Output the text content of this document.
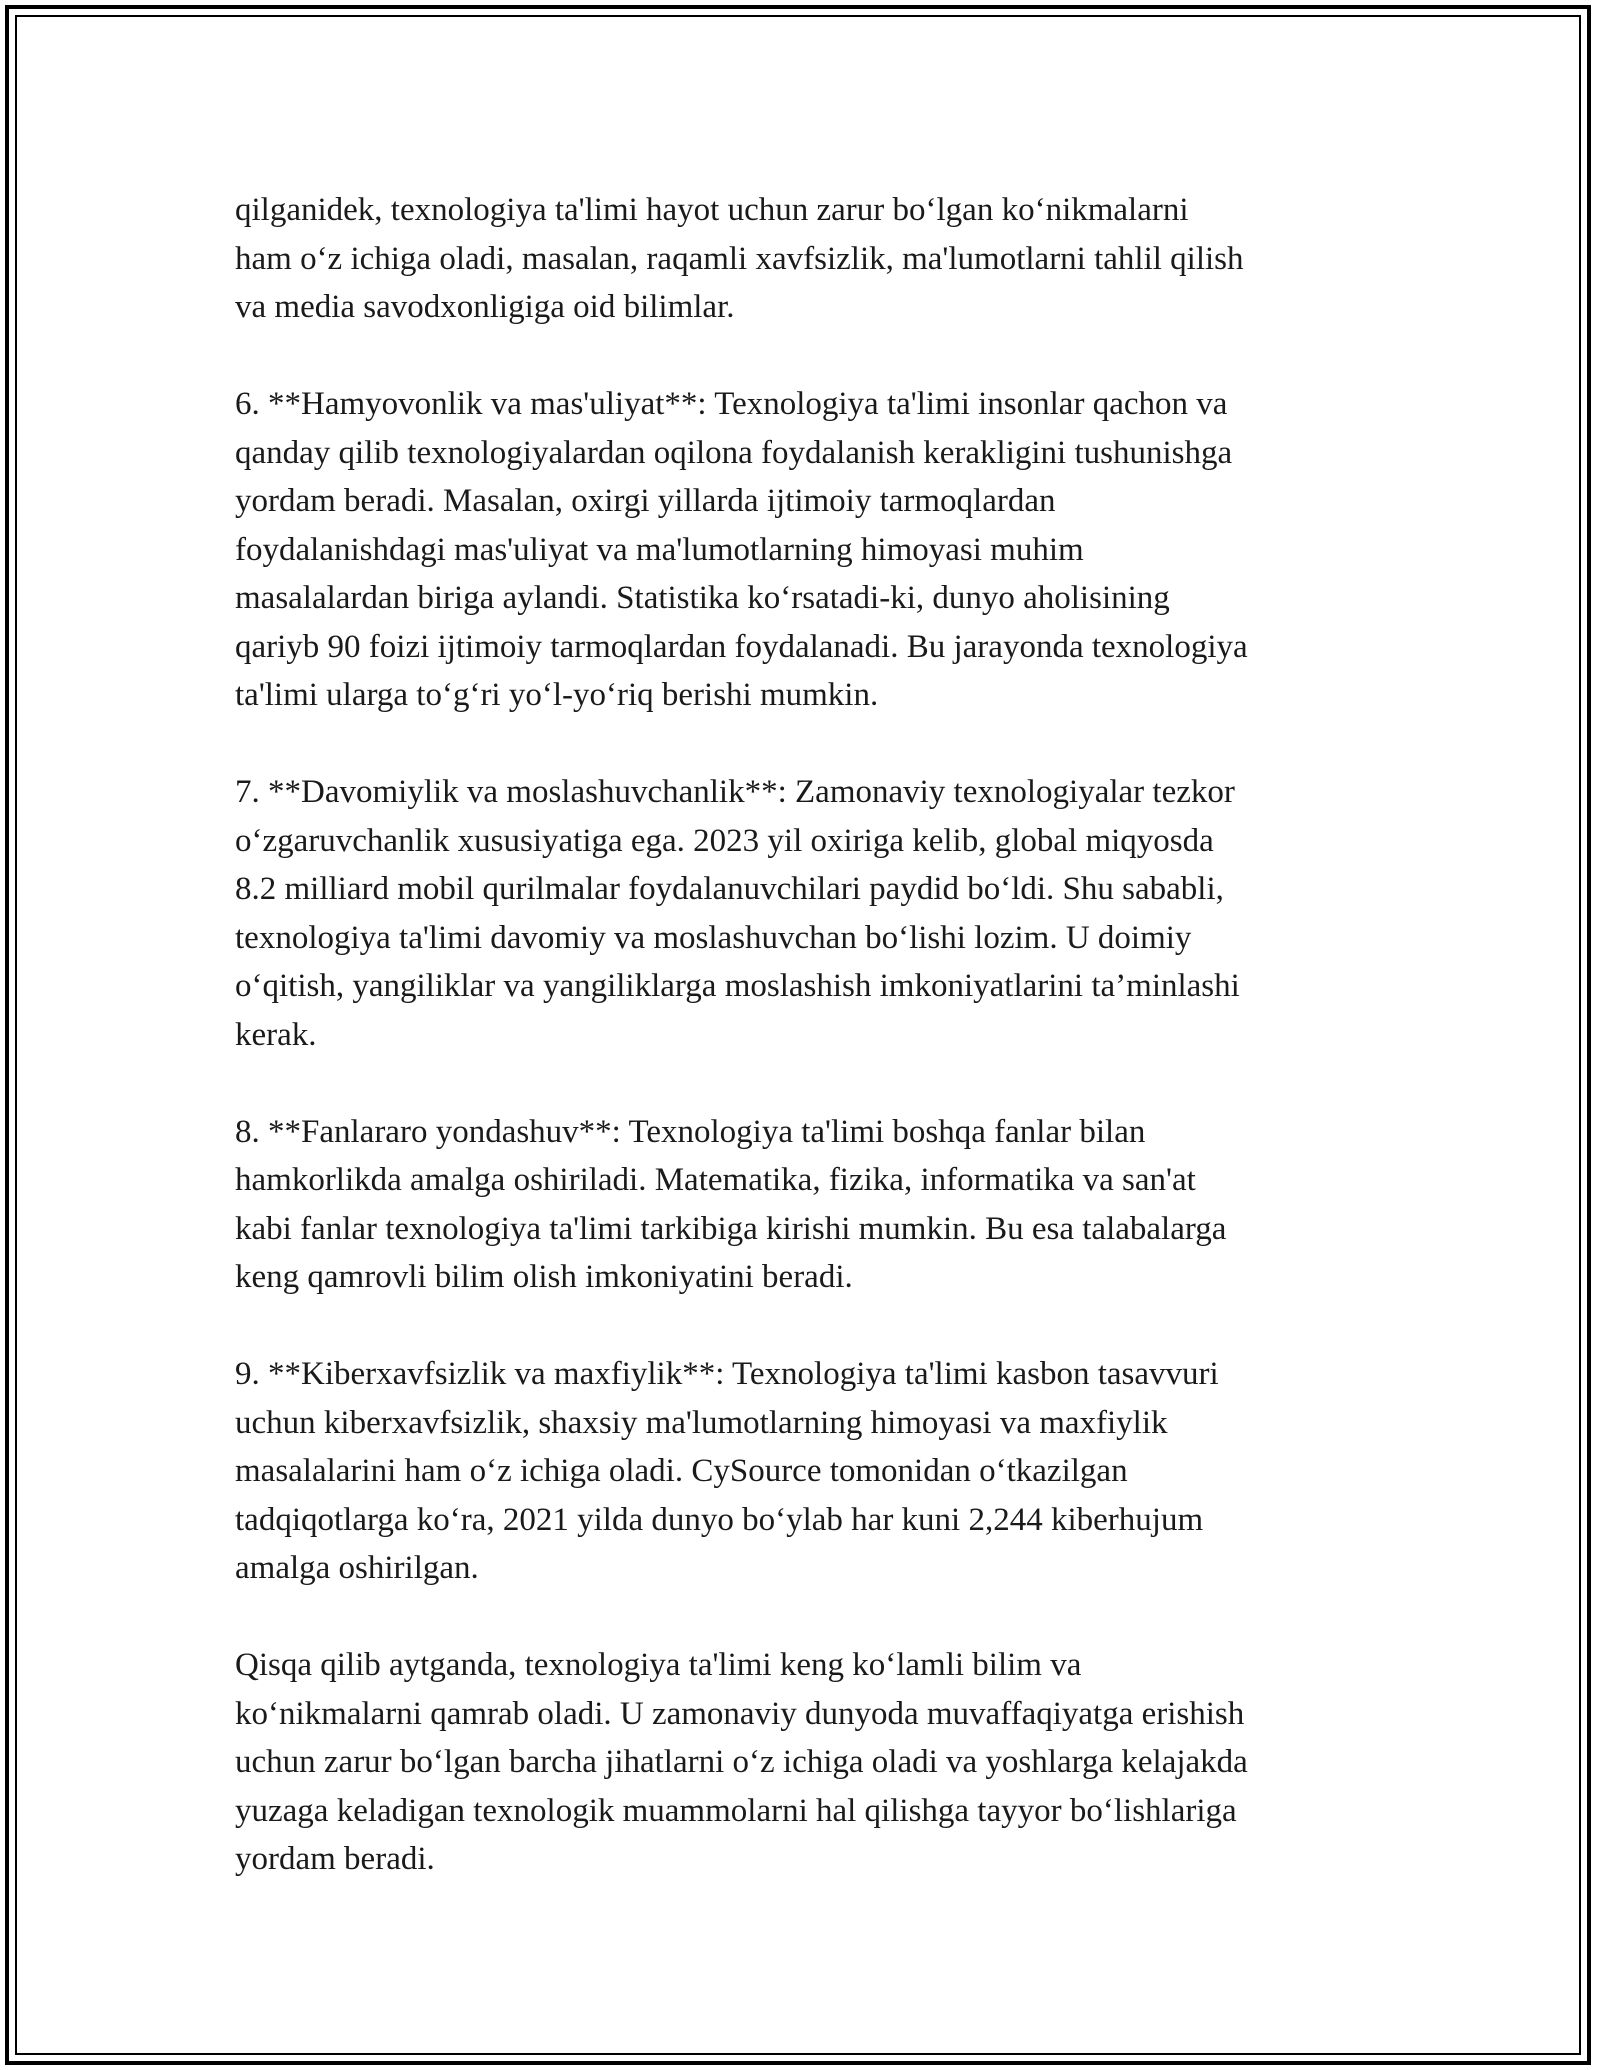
qilganidek, texnologiya ta'limi hayot uchun zarur bo‘lgan ko‘nikmalarni
ham o‘z ichiga oladi, masalan, raqamli xavfsizlik, ma'lumotlarni tahlil qilish
va media savodxonligiga oid bilimlar.

6. **Hamyovonlik va mas'uliyat**: Texnologiya ta'limi insonlar qachon va
qanday qilib texnologiyalardan oqilona foydalanish kerakligini tushunishga
yordam beradi. Masalan, oxirgi yillarda ijtimoiy tarmoqlardan
foydalanishdagi mas'uliyat va ma'lumotlarning himoyasi muhim
masalalardan biriga aylandi. Statistika ko‘rsatadi-ki, dunyo aholisining
qariyb 90 foizi ijtimoiy tarmoqlardan foydalanadi. Bu jarayonda texnologiya
ta'limi ularga to‘g‘ri yo‘l-yo‘riq berishi mumkin.

7. **Davomiylik va moslashuvchanlik**: Zamonaviy texnologiyalar tezkor
o‘zgaruvchanlik xususiyatiga ega. 2023 yil oxiriga kelib, global miqyosda
8.2 milliard mobil qurilmalar foydalanuvchilari paydid bo‘ldi. Shu sababli,
texnologiya ta'limi davomiy va moslashuvchan bo‘lishi lozim. U doimiy
o‘qitish, yangiliklar va yangiliklarga moslashish imkoniyatlarini ta’minlashi
kerak.

8. **Fanlararo yondashuv**: Texnologiya ta'limi boshqa fanlar bilan
hamkorlikda amalga oshiriladi. Matematika, fizika, informatika va san'at
kabi fanlar texnologiya ta'limi tarkibiga kirishi mumkin. Bu esa talabalarga
keng qamrovli bilim olish imkoniyatini beradi.

9. **Kiberxavfsizlik va maxfiylik**: Texnologiya ta'limi kasbon tasavvuri
uchun kiberxavfsizlik, shaxsiy ma'lumotlarning himoyasi va maxfiylik
masalalarini ham o‘z ichiga oladi. CySource tomonidan o‘tkazilgan
tadqiqotlarga ko‘ra, 2021 yilda dunyo bo‘ylab har kuni 2,244 kiberhujum
amalga oshirilgan.

Qisqa qilib aytganda, texnologiya ta'limi keng ko‘lamli bilim va
ko‘nikmalarni qamrab oladi. U zamonaviy dunyoda muvaffaqiyatga erishish
uchun zarur bo‘lgan barcha jihatlarni o‘z ichiga oladi va yoshlarga kelajakda
yuzaga keladigan texnologik muammolarni hal qilishga tayyor bo‘lishlariga
yordam beradi.
